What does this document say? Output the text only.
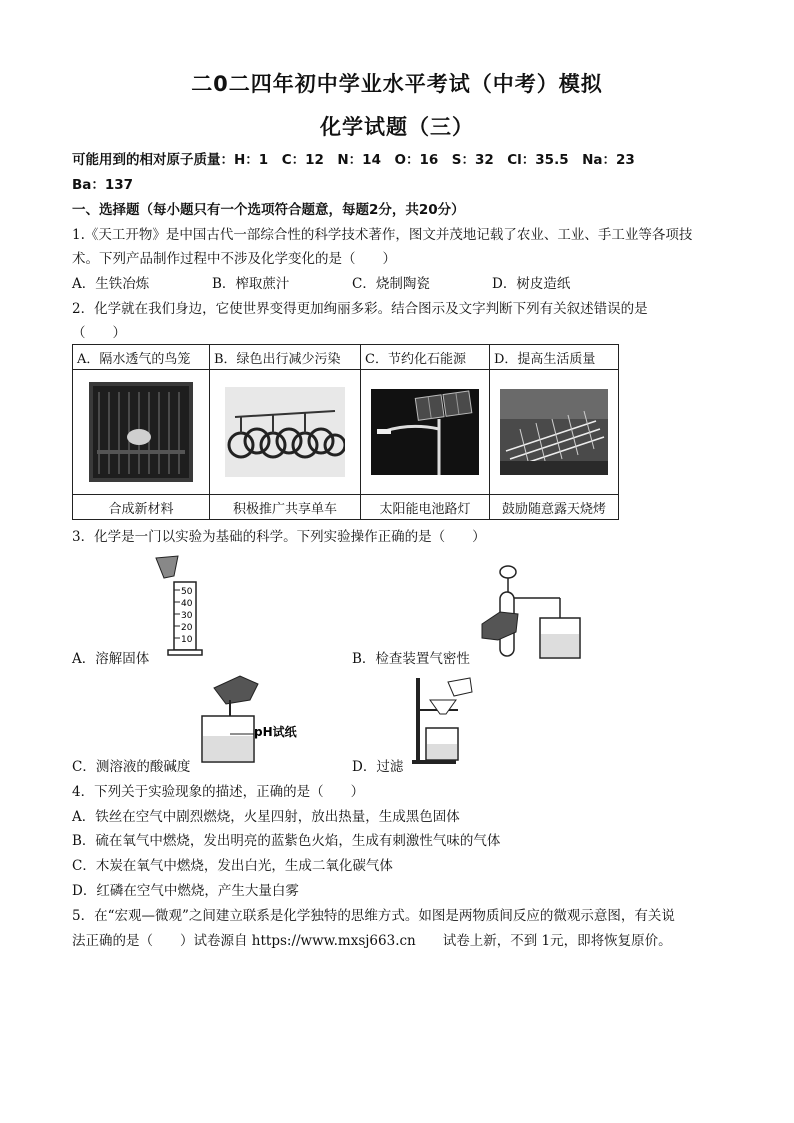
二0二四年初中学业水平考试（中考）模拟
化学试题（三）
可能用到的相对原子质量：H：1　C：12　N：14　O：16　S：32　Cl：35.5　Na：23
Ba：137
一、选择题（每小题只有一个选项符合题意，每题2分，共20分）
1.《天工开物》是中国古代一部综合性的科学技术著作，图文并茂地记载了农业、工业、手工业等各项技
术。下列产品制作过程中不涉及化学变化的是（　　）
A．生铁冶炼	B．榨取蔗汁	C．烧制陶瓷	D．树皮造纸
2．化学就在我们身边，它使世界变得更加绚丽多彩。结合图示及文字判断下列有关叙述错误的是
（　　）
A．隔水透气的鸟笼	B．绿色出行减少污染	C．节约化石能源	D．提高生活质量

合成新材料	积极推广共享单车	太阳能电池路灯	鼓励随意露天烧烤
3．化学是一门以实验为基础的科学。下列实验操作正确的是（　　）
50
40
30
20
10
A．溶解固体	B．检查装置气密性
pH试纸
C．测溶液的酸碱度	D．过滤
4．下列关于实验现象的描述，正确的是（　　）
A．铁丝在空气中剧烈燃烧，火星四射，放出热量，生成黑色固体
B．硫在氧气中燃烧，发出明亮的蓝紫色火焰，生成有刺激性气味的气体
C．木炭在氧气中燃烧，发出白光，生成二氧化碳气体
D．红磷在空气中燃烧，产生大量白雾
5．在“宏观—微观”之间建立联系是化学独特的思维方式。如图是两物质间反应的微观示意图，有关说
法正确的是（　　）试卷源自 https://www.mxsj663.cn　　试卷上新，不到 1元，即将恢复原价。
